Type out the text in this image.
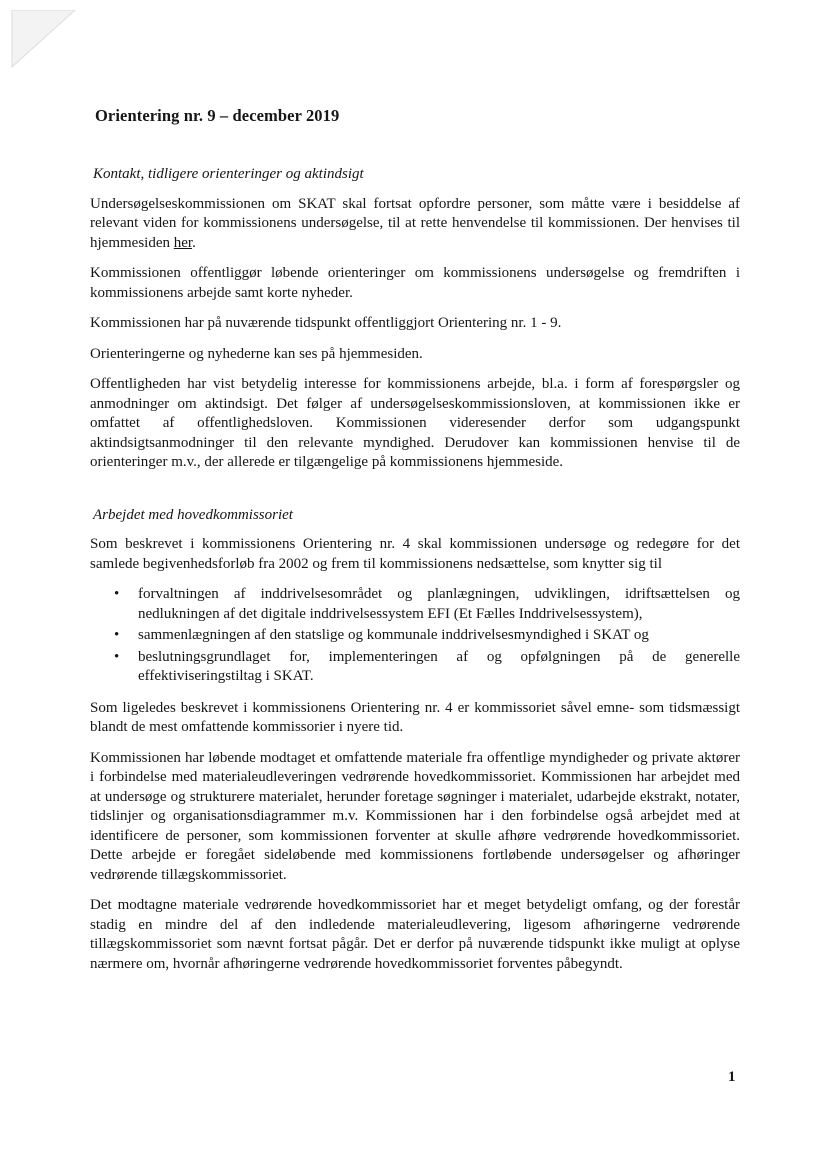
Orientering nr. 9 – december 2019
Kontakt, tidligere orienteringer og aktindsigt

Undersøgelseskommissionen om SKAT skal fortsat opfordre personer, som måtte være i besiddelse af relevant viden for kommissionens undersøgelse, til at rette henvendelse til kommissionen. Der henvises til hjemmesiden her.

Kommissionen offentliggør løbende orienteringer om kommissionens undersøgelse og fremdriften i kommissionens arbejde samt korte nyheder.

Kommissionen har på nuværende tidspunkt offentliggjort Orientering nr. 1 - 9.

Orienteringerne og nyhederne kan ses på hjemmesiden.

Offentligheden har vist betydelig interesse for kommissionens arbejde, bl.a. i form af forespørgsler og anmodninger om aktindsigt. Det følger af undersøgelseskommissionsloven, at kommissionen ikke er omfattet af offentlighedsloven. Kommissionen videresender derfor som udgangspunkt aktindsigtsanmodninger til den relevante myndighed. Derudover kan kommissionen henvise til de orienteringer m.v., der allerede er tilgængelige på kommissionens hjemmeside.

Arbejdet med hovedkommissoriet

Som beskrevet i kommissionens Orientering nr. 4 skal kommissionen undersøge og redegøre for det samlede begivenhedsforløb fra 2002 og frem til kommissionens nedsættelse, som knytter sig til

• forvaltningen af inddrivelsesområdet og planlægningen, udviklingen, idriftsættelsen og nedlukningen af det digitale inddrivelsessystem EFI (Et Fælles Inddrivelsessystem),
• sammenlægningen af den statslige og kommunale inddrivelsesmyndighed i SKAT og
• beslutningsgrundlaget for, implementeringen af og opfølgningen på de generelle effektiviseringstiltag i SKAT.

Som ligeledes beskrevet i kommissionens Orientering nr. 4 er kommissoriet såvel emne- som tidsmæssigt blandt de mest omfattende kommissorier i nyere tid.

Kommissionen har løbende modtaget et omfattende materiale fra offentlige myndigheder og private aktører i forbindelse med materialeudleveringen vedrørende hovedkommissoriet. Kommissionen har arbejdet med at undersøge og strukturere materialet, herunder foretage søgninger i materialet, udarbejde ekstrakt, notater, tidslinjer og organisationsdiagrammer m.v. Kommissionen har i den forbindelse også arbejdet med at identificere de personer, som kommissionen forventer at skulle afhøre vedrørende hovedkommissoriet. Dette arbejde er foregået sideløbende med kommissionens fortløbende undersøgelser og afhøringer vedrørende tillægskommissoriet.

Det modtagne materiale vedrørende hovedkommissoriet har et meget betydeligt omfang, og der forestår stadig en mindre del af den indledende materialeudlevering, ligesom afhøringerne vedrørende tillægskommissoriet som nævnt fortsat pågår. Det er derfor på nuværende tidspunkt ikke muligt at oplyse nærmere om, hvornår afhøringerne vedrørende hovedkommissoriet forventes påbegyndt.

1
